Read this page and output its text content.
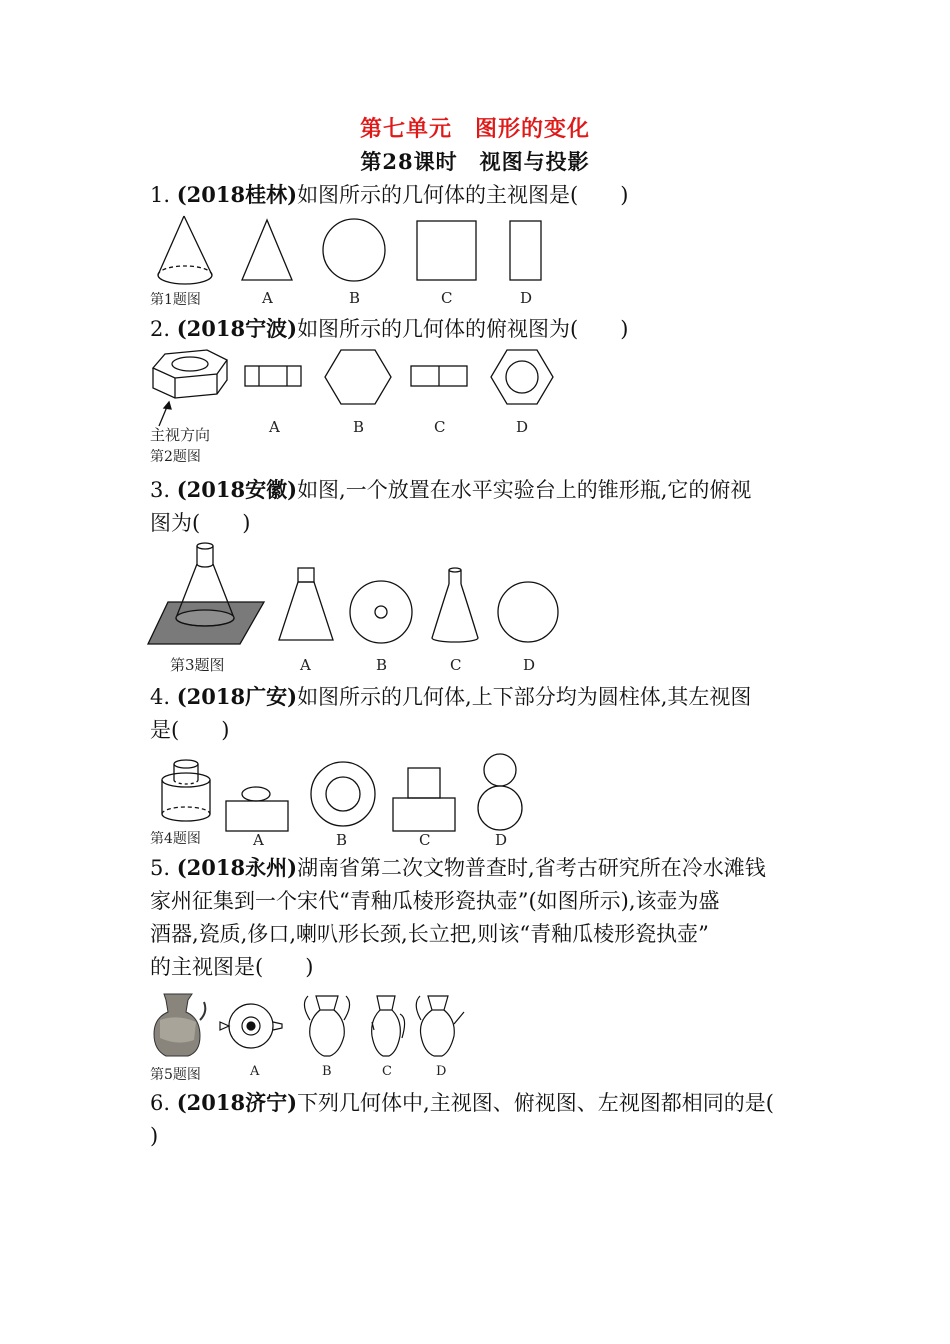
第七单元　图形的变化
第28课时　视图与投影
1. (2018桂林)如图所示的几何体的主视图是(　　)
第1题图	A	B	C	D
2. (2018宁波)如图所示的几何体的俯视图为(　　)
主视方向
第2题图
A	B	C	D
3. (2018安徽)如图,一个放置在水平实验台上的锥形瓶,它的俯视
图为(　　)
第3题图	A	B	C	D
4. (2018广安)如图所示的几何体,上下部分均为圆柱体,其左视图
是(　　)
第4题图	A	B	C	D
5. (2018永州)湖南省第二次文物普查时,省考古研究所在冷水滩钱
家州征集到一个宋代“青釉瓜棱形瓷执壶”(如图所示),该壶为盛
酒器,瓷质,侈口,喇叭形长颈,长立把,则该“青釉瓜棱形瓷执壶”
的主视图是(　　)
第5题图	A	B	C	D
6. (2018济宁)下列几何体中,主视图、俯视图、左视图都相同的是(
)
